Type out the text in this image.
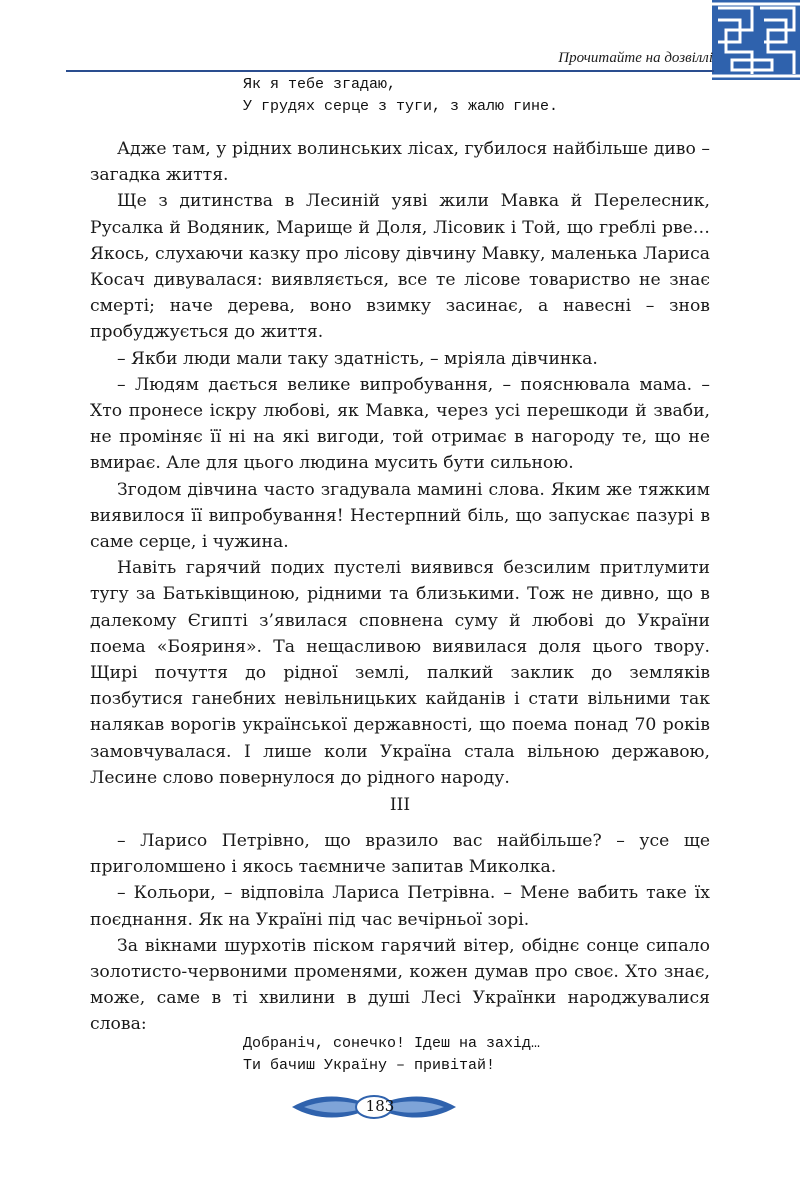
Прочитайте на дозвіллі
Як я тебе згадаю,
У грудях серце з туги, з жалю гине.

Адже там, у рідних волинських лісах, губилося найбільше диво – загадка життя.

Ще з дитинства в Лесиній уяві жили Мавка й Перелесник, Русалка й Водяник, Марище й Доля, Лісовик і Той, що греблі рве… Якось, слухаючи казку про лісову дівчину Мавку, маленька Лариса Косач дивувалася: виявляється, все те лісове товариство не знає смерті; наче дерева, воно взимку засинає, а навесні – знов пробуджується до життя.

– Якби люди мали таку здатність, – мріяла дівчинка.

– Людям дається велике випробування, – пояснювала мама. – Хто пронесе іскру любові, як Мавка, через усі перешкоди й зваби, не проміняє її ні на які вигоди, той отримає в нагороду те, що не вмирає. Але для цього людина мусить бути сильною.

Згодом дівчина часто згадувала мамині слова. Яким же тяжким виявилося її випробування! Нестерпний біль, що запускає пазурі в саме серце, і чужина.

Навіть гарячий подих пустелі виявився безсилим притлумити тугу за Батьківщиною, рідними та близькими. Тож не дивно, що в далекому Єгипті з’явилася сповнена суму й любові до України поема «Бояриня». Та нещасливою виявилася доля цього твору. Щирі почуття до рідної землі, палкий заклик до земляків позбутися ганебних невільницьких кайданів і стати вільними так налякав ворогів української державності, що поема понад 70 років замовчувалася. І лише коли Україна стала вільною державою, Лесине слово повернулося до рідного народу.

ІІІ

– Ларисо Петрівно, що вразило вас найбільше? – усе ще приголомшено і якось таємниче запитав Миколка.

– Кольори, – відповіла Лариса Петрівна. – Мене вабить таке їх поєднання. Як на Україні під час вечірньої зорі.

За вікнами шурхотів піском гарячий вітер, обіднє сонце сипало золотисто-червоними променями, кожен думав про своє. Хто знає, може, саме в ті хвилини в душі Лесі Українки народжувалися слова:

Добраніч, сонечко! Ідеш на захід…
Ти бачиш Україну – привітай!
183
